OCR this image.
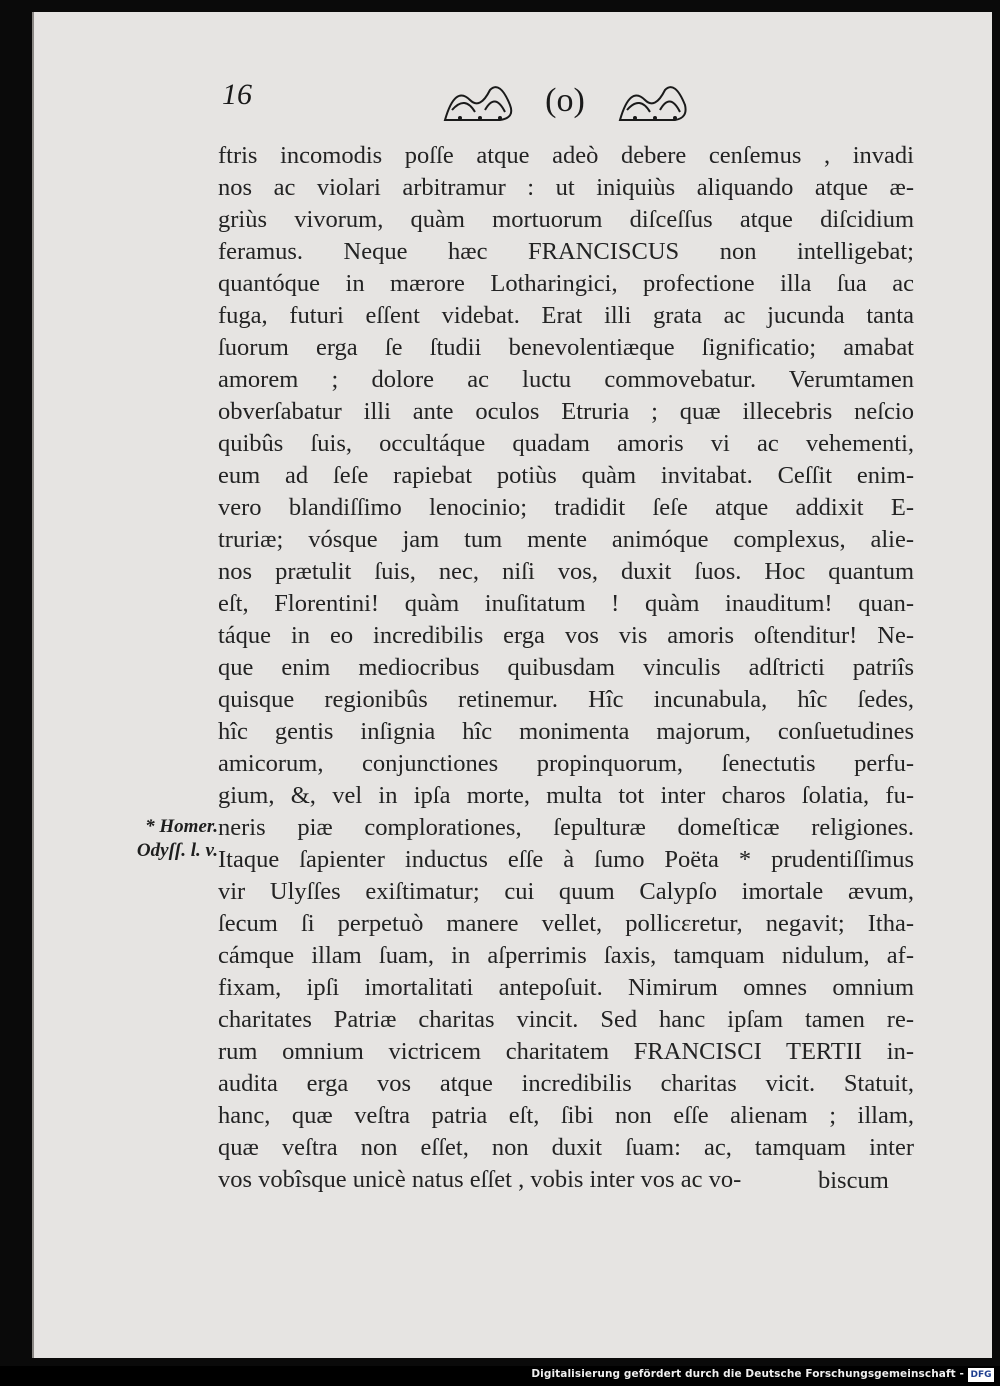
16	(o)
ftris incomodis poſſe atque adeò debere cenſemus , invadi
nos ac violari arbitramur : ut iniquiùs aliquando atque æ-
griùs vivorum, quàm mortuorum diſceſſus atque diſcidium
feramus. Neque hæc FRANCISCUS non intelligebat;
quantóque in mærore Lotharingici, profectione illa ſua ac
fuga, futuri eſſent videbat. Erat illi grata ac jucunda tanta
ſuorum erga ſe ſtudii benevolentiæque ſignificatio; amabat
amorem ; dolore ac luctu commovebatur. Verumtamen
obverſabatur illi ante oculos Etruria ; quæ illecebris neſcio
quibûs ſuis, occultáque quadam amoris vi ac vehementi,
eum ad ſeſe rapiebat potiùs quàm invitabat. Ceſſit enim-
vero blandiſſimo lenocinio; tradidit ſeſe atque addixit E-
truriæ; vósque jam tum mente animóque complexus, alie-
nos prætulit ſuis, nec, niſi vos, duxit ſuos. Hoc quantum
eſt, Florentini! quàm inuſitatum ! quàm inauditum! quan-
táque in eo incredibilis erga vos vis amoris oſtenditur! Ne-
que enim mediocribus quibusdam vinculis adſtricti patriîs
quisque regionibûs retinemur. Hîc incunabula, hîc ſedes,
hîc gentis inſignia hîc monimenta majorum, conſuetudines
amicorum, conjunctiones propinquorum, ſenectutis perfu-
gium, &, vel in ipſa morte, multa tot inter charos ſolatia, fu-
neris piæ complorationes, ſepulturæ domeſticæ religiones.
Itaque ſapienter inductus eſſe à ſumo Poëta * prudentiſſimus
vir Ulyſſes exiſtimatur; cui quum Calypſo imortale ævum,
ſecum ſi perpetuò manere vellet, pollicεretur, negavit; Itha-
cámque illam ſuam, in aſperrimis ſaxis, tamquam nidulum, af-
fixam, ipſi imortalitati antepoſuit. Nimirum omnes omnium
charitates Patriæ charitas vincit. Sed hanc ipſam tamen re-
rum omnium victricem charitatem FRANCISCI TERTII in-
audita erga vos atque incredibilis charitas vicit. Statuit,
hanc, quæ veſtra patria eſt, ſibi non eſſe alienam ; illam,
quæ veſtra non eſſet, non duxit ſuam: ac, tamquam inter
vos vobîsque unicè natus eſſet , vobis inter vos ac vo-	biscum
* Homer.
Odyſſ. l. v.
Digitalisierung gefördert durch die Deutsche Forschungsgemeinschaft - DFG
